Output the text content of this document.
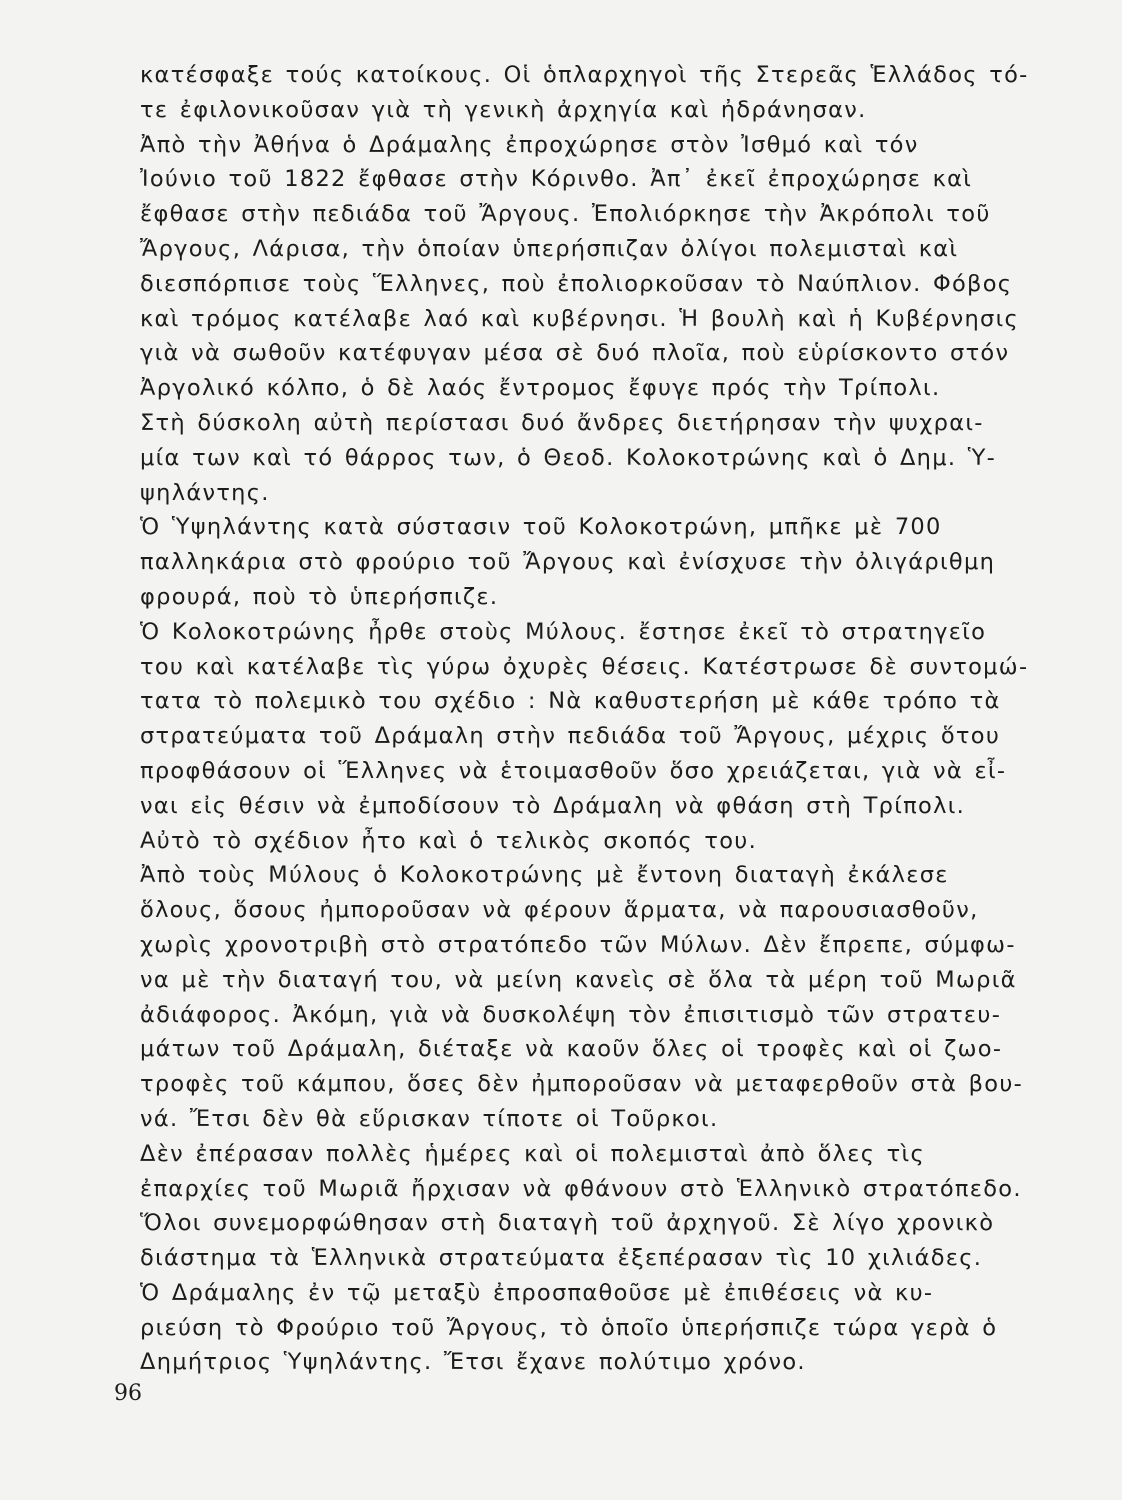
κατέσφαξε τούς κατοίκους. Οἱ ὁπλαρχηγοὶ τῆς Στερεᾶς Ἑλλάδος τό-
τε ἐφιλονικοῦσαν γιὰ τὴ γενικὴ ἀρχηγία καὶ ἠδράνησαν.
Ἀπὸ τὴν Ἀθήνα ὁ Δράμαλης ἐπροχώρησε στὸν Ἰσθμό καὶ τόν
Ἰούνιο τοῦ 1822 ἔφθασε στὴν Κόρινθο. Ἀπ᾽ ἐκεῖ ἐπροχώρησε καὶ
ἔφθασε στὴν πεδιάδα τοῦ Ἄργους. Ἐπολιόρκησε τὴν Ἀκρόπολι τοῦ
Ἄργους, Λάρισα, τὴν ὁποίαν ὑπερήσπιζαν ὀλίγοι πολεμισταὶ καὶ
διεσπόρπισε τοὺς Ἕλληνες, ποὺ ἐπολιορκοῦσαν τὸ Ναύπλιον. Φόβος
καὶ τρόμος κατέλαβε λαό καὶ κυβέρνησι. Ἡ βουλὴ καὶ ἡ Κυβέρνησις
γιὰ νὰ σωθοῦν κατέφυγαν μέσα σὲ δυό πλοῖα, ποὺ εὑρίσκοντο στόν
Ἀργολικό κόλπο, ὁ δὲ λαός ἔντρομος ἔφυγε πρός τὴν Τρίπολι.
Στὴ δύσκολη αὐτὴ περίστασι δυό ἄνδρες διετήρησαν τὴν ψυχραι-
μία των καὶ τό θάρρος των, ὁ Θεοδ. Κολοκοτρώνης καὶ ὁ Δημ. Ὑ-
ψηλάντης.
Ὁ Ὑψηλάντης κατὰ σύστασιν τοῦ Κολοκοτρώνη, μπῆκε μὲ 700
παλληκάρια στὸ φρούριο τοῦ Ἄργους καὶ ἐνίσχυσε τὴν ὀλιγάριθμη
φρουρά, ποὺ τὸ ὑπερήσπιζε.
Ὁ Κολοκοτρώνης ἦρθε στοὺς Μύλους. ἔστησε ἐκεῖ τὸ στρατηγεῖο
του καὶ κατέλαβε τὶς γύρω ὀχυρὲς θέσεις. Κατέστρωσε δὲ συντομώ-
τατα τὸ πολεμικὸ του σχέδιο : Νὰ καθυστερήση μὲ κάθε τρόπο τὰ
στρατεύματα τοῦ Δράμαλη στὴν πεδιάδα τοῦ Ἄργους, μέχρις ὅτου
προφθάσουν οἱ Ἕλληνες νὰ ἑτοιμασθοῦν ὅσο χρειάζεται, γιὰ νὰ εἶ-
ναι εἰς θέσιν νὰ ἐμποδίσουν τὸ Δράμαλη νὰ φθάση στὴ Τρίπολι.
Αὐτὸ τὸ σχέδιον ἦτο καὶ ὁ τελικὸς σκοπός του.
Ἀπὸ τοὺς Μύλους ὁ Κολοκοτρώνης μὲ ἔντονη διαταγὴ ἐκάλεσε
ὅλους, ὅσους ἠμποροῦσαν νὰ φέρουν ἅρματα, νὰ παρουσιασθοῦν,
χωρὶς χρονοτριβὴ στὸ στρατόπεδο τῶν Μύλων. Δὲν ἔπρεπε, σύμφω-
να μὲ τὴν διαταγή του, νὰ μείνη κανεὶς σὲ ὅλα τὰ μέρη τοῦ Μωριᾶ
ἀδιάφορος. Ἀκόμη, γιὰ νὰ δυσκολέψη τὸν ἐπισιτισμὸ τῶν στρατευ-
μάτων τοῦ Δράμαλη, διέταξε νὰ καοῦν ὅλες οἱ τροφὲς καὶ οἱ ζωο-
τροφὲς τοῦ κάμπου, ὅσες δὲν ἠμποροῦσαν νὰ μεταφερθοῦν στὰ βου-
νά. Ἔτσι δὲν θὰ εὕρισκαν τίποτε οἱ Τοῦρκοι.
Δὲν ἐπέρασαν πολλὲς ἡμέρες καὶ οἱ πολεμισταὶ ἀπὸ ὅλες τὶς
ἐπαρχίες τοῦ Μωριᾶ ἤρχισαν νὰ φθάνουν στὸ Ἑλληνικὸ στρατόπεδο.
Ὅλοι συνεμορφώθησαν στὴ διαταγὴ τοῦ ἀρχηγοῦ. Σὲ λίγο χρονικὸ
διάστημα τὰ Ἑλληνικὰ στρατεύματα ἐξεπέρασαν τὶς 10 χιλιάδες.
Ὁ Δράμαλης ἐν τῷ μεταξὺ ἐπροσπαθοῦσε μὲ ἐπιθέσεις νὰ κυ-
ριεύση τὸ Φρούριο τοῦ Ἄργους, τὸ ὁποῖο ὑπερήσπιζε τώρα γερὰ ὁ
Δημήτριος Ὑψηλάντης. Ἔτσι ἔχανε πολύτιμο χρόνο.
96
